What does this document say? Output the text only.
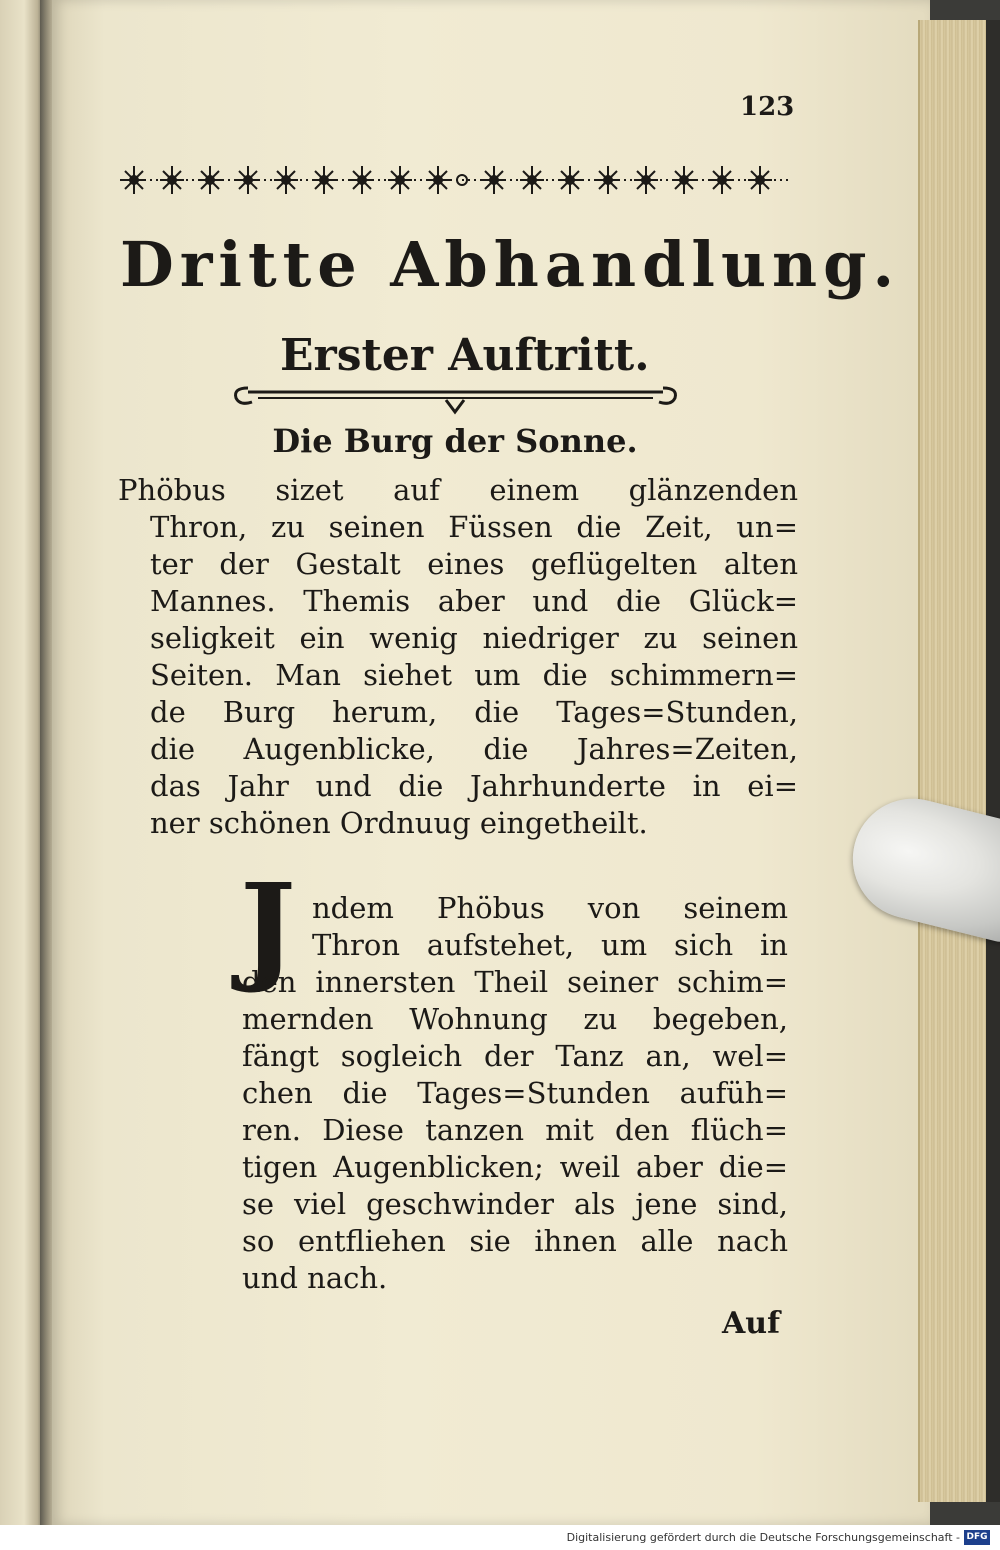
123
Dritte Abhandlung.
Erster Auftritt.
Die Burg der Sonne.
Phöbus sizet auf einem glänzenden
Thron, zu seinen Füssen die Zeit, un=
ter der Gestalt eines geflügelten alten
Mannes. Themis aber und die Glück=
seligkeit ein wenig niedriger zu seinen
Seiten. Man siehet um die schimmern=
de Burg herum, die Tages=Stunden,
die Augenblicke, die Jahres=Zeiten,
das Jahr und die Jahrhunderte in ei=
ner schönen Ordnuug eingetheilt.
J ndem Phöbus von seinem
Thron aufstehet, um sich in
den innersten Theil seiner schim=
mernden Wohnung zu begeben,
fängt sogleich der Tanz an, wel=
chen die Tages=Stunden aufüh=
ren. Diese tanzen mit den flüch=
tigen Augenblicken; weil aber die=
se viel geschwinder als jene sind,
so entfliehen sie ihnen alle nach
und nach.
Auf
Digitalisierung gefördert durch die Deutsche Forschungsgemeinschaft - DFG
